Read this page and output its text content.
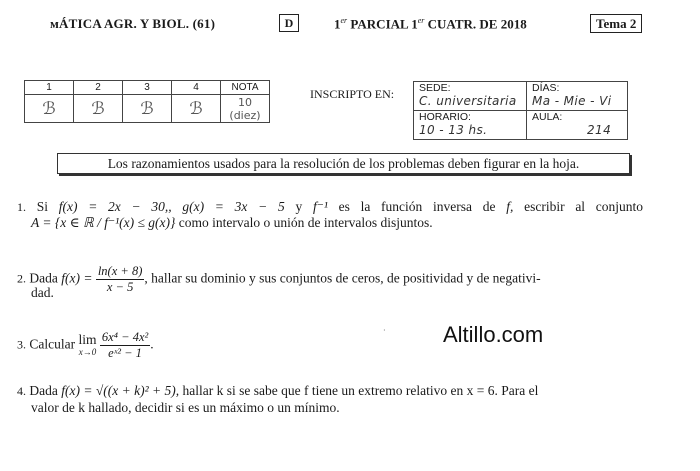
ᴍÁTICA AGR. Y BIOL. (61)	D	1er PARCIAL 1er CUATR. DE 2018	Tema 2
1	2	3	4	NOTA
ℬ	ℬ	ℬ	ℬ	10 (diez)
INSCRIPTO EN: SEDE:
C. universitaria	DÍAS:
Ma - Mie - Vi

HORARIO:
10 - 13 hs.	AULA:
214
Los razonamientos usados para la resolución de los problemas deben figurar en la hoja.
1. Si f(x) = 2x − 30,, g(x) = 3x − 5 y f⁻¹ es la función inversa de f, escribir al conjunto
A = {x ∈ ℝ / f⁻¹(x) ≤ g(x)} como intervalo o unión de intervalos disjuntos.
2. Dada $f(x) = \frac{\ln(x + 8)}{x - 5}$ , hallar su dominio y sus conjuntos de ceros, de positividad y de negativi-
dad.
3. Calcular lim
x→0
$\frac{\text{6x⁴ − 4x²}}{\text{eˣ² − 1}}$ .
4. Dada f(x) = √((x + k)² + 5), hallar k si se sabe que f tiene un extremo relativo en x = 6. Para el
valor de k hallado, decidir si es un máximo o un mínimo.
·	Altillo.com
